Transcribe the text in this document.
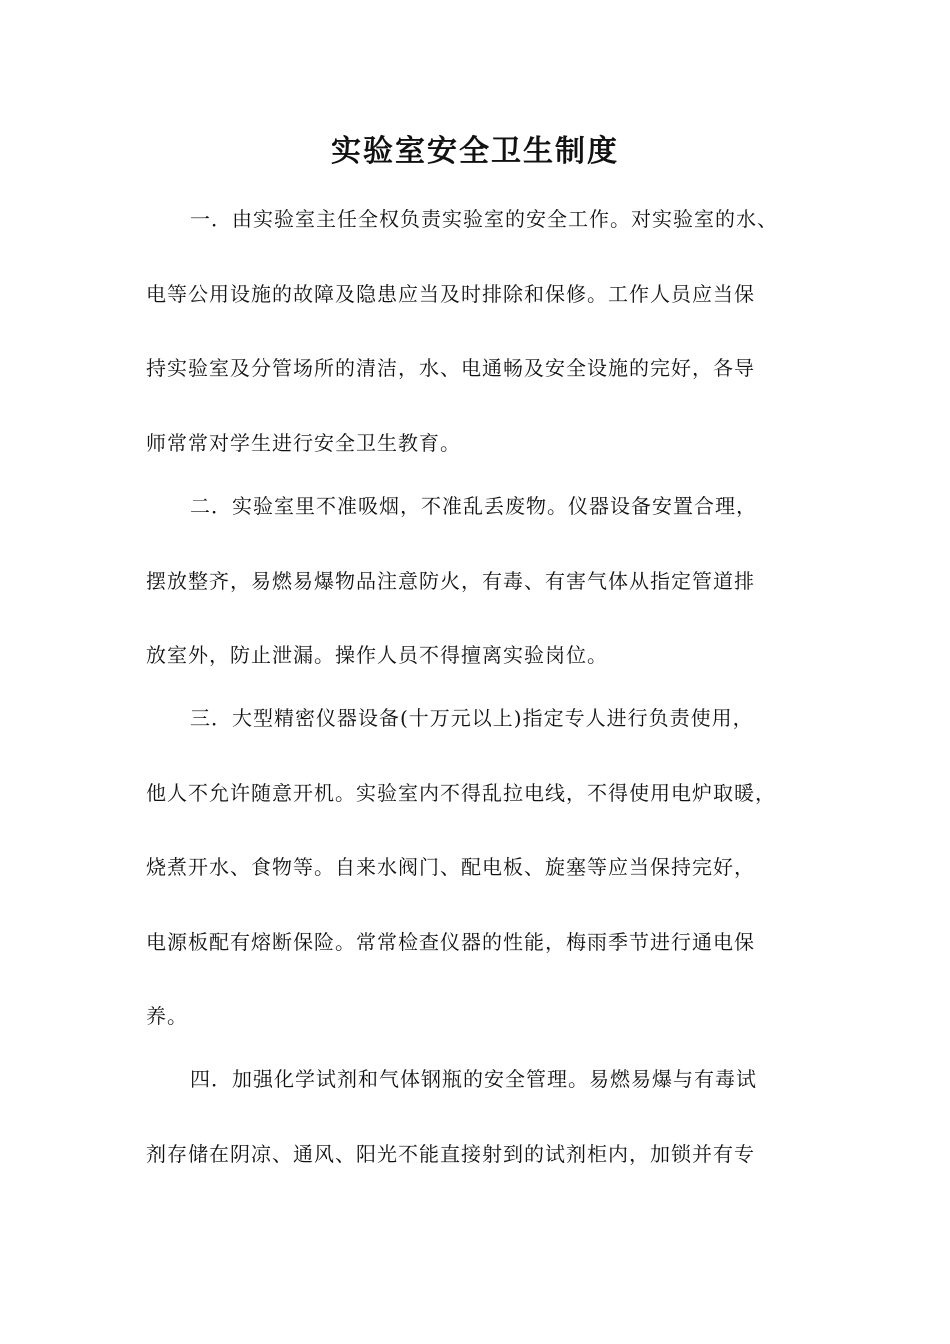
实验室安全卫生制度

一．由实验室主任全权负责实验室的安全工作。对实验室的水、

电等公用设施的故障及隐患应当及时排除和保修。工作人员应当保

持实验室及分管场所的清洁，水、电通畅及安全设施的完好，各导

师常常对学生进行安全卫生教育。

二．实验室里不准吸烟，不准乱丢废物。仪器设备安置合理，

摆放整齐，易燃易爆物品注意防火，有毒、有害气体从指定管道排

放室外，防止泄漏。操作人员不得擅离实验岗位。

三．大型精密仪器设备(十万元以上)指定专人进行负责使用，

他人不允许随意开机。实验室内不得乱拉电线，不得使用电炉取暖，

烧煮开水、食物等。自来水阀门、配电板、旋塞等应当保持完好，

电源板配有熔断保险。常常检查仪器的性能，梅雨季节进行通电保

养。

四．加强化学试剂和气体钢瓶的安全管理。易燃易爆与有毒试

剂存储在阴凉、通风、阳光不能直接射到的试剂柜内，加锁并有专
